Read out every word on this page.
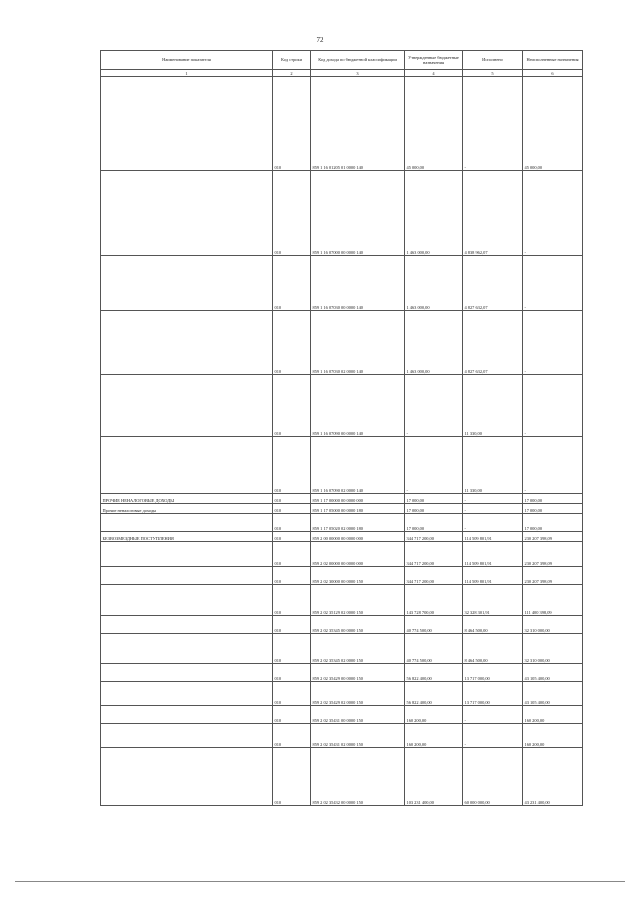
72
Наименование показателя	Код строки	Код дохода по бюджетной классификации	Утвержденные бюджетные назначения	Исполнено	Неисполненные назначения
1	2	3	4	5	6
	010	859 1 16 01205 01 0000 140	45 000,00	-	45 000,00
	010	859 1 16 07000 00 0000 140	1 463 000,00	4 838 962,07	-
	010	859 1 16 07030 00 0000 140	1 463 000,00	4 827 632,07	-
	010	859 1 16 07030 02 0000 140	1 463 000,00	4 827 632,07	-
	010	859 1 16 07090 00 0000 140	-	11 330,00	-
	010	859 1 16 07090 02 0000 140	-	11 330,00	-
ПРОЧИЕ НЕНАЛОГОВЫЕ ДОХОДЫ	010	859 1 17 00000 00 0000 000	17 000,00	-	17 000,00
Прочие неналоговые доходы	010	859 1 17 05000 00 0000 180	17 000,00	-	17 000,00
	010	859 1 17 05020 02 0000 180	17 000,00	-	17 000,00
БЕЗВОЗМЕЗДНЫЕ ПОСТУПЛЕНИЯ	010	859 2 00 00000 00 0000 000	344 717 200,00	114 509 801,91	230 207 398,09
	010	859 2 02 00000 00 0000 000	344 717 200,00	114 509 801,91	230 207 398,09
	010	859 2 02 30000 00 0000 150	344 717 200,00	114 509 801,91	230 207 398,09
	010	859 2 02 35129 02 0000 150	143 728 700,00	32 328 301,91	111 400 398,09
	010	859 2 02 35345 00 0000 150	40 774 500,00	8 464 500,00	32 310 000,00
	010	859 2 02 35345 02 0000 150	40 774 500,00	8 464 500,00	32 310 000,00
	010	859 2 02 35429 00 0000 150	56 822 400,00	13 717 000,00	43 105 400,00
	010	859 2 02 35429 02 0000 150	56 822 400,00	13 717 000,00	43 105 400,00
	010	859 2 02 35431 00 0000 150	160 200,00	-	160 200,00
	010	859 2 02 35431 02 0000 150	160 200,00	-	160 200,00
	010	859 2 02 35432 00 0000 150	103 231 400,00	60 000 000,00	43 231 400,00
